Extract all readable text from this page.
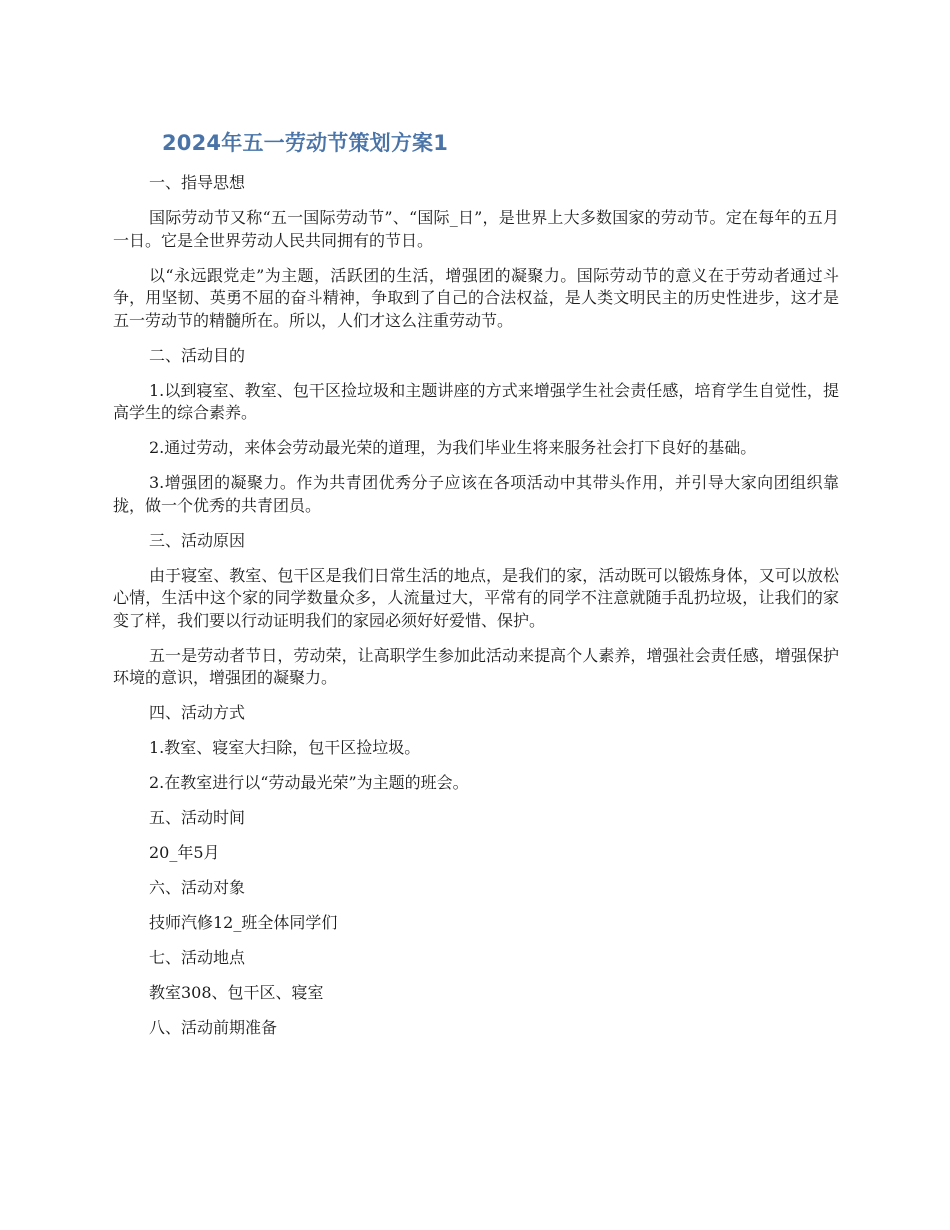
2024年五一劳动节策划方案1

一、指导思想

国际劳动节又称“五一国际劳动节”、“国际_日”，是世界上大多数国家的劳动节。定在每年的五月一日。它是全世界劳动人民共同拥有的节日。

以“永远跟党走”为主题，活跃团的生活，增强团的凝聚力。国际劳动节的意义在于劳动者通过斗争，用坚韧、英勇不屈的奋斗精神，争取到了自己的合法权益，是人类文明民主的历史性进步，这才是五一劳动节的精髓所在。所以，人们才这么注重劳动节。

二、活动目的

1.以到寝室、教室、包干区捡垃圾和主题讲座的方式来增强学生社会责任感，培育学生自觉性，提高学生的综合素养。

2.通过劳动，来体会劳动最光荣的道理，为我们毕业生将来服务社会打下良好的基础。

3.增强团的凝聚力。作为共青团优秀分子应该在各项活动中其带头作用，并引导大家向团组织靠拢，做一个优秀的共青团员。

三、活动原因

由于寝室、教室、包干区是我们日常生活的地点，是我们的家，活动既可以锻炼身体，又可以放松心情，生活中这个家的同学数量众多，人流量过大，平常有的同学不注意就随手乱扔垃圾，让我们的家变了样，我们要以行动证明我们的家园必须好好爱惜、保护。

五一是劳动者节日，劳动荣，让高职学生参加此活动来提高个人素养，增强社会责任感，增强保护环境的意识，增强团的凝聚力。

四、活动方式

1.教室、寝室大扫除，包干区捡垃圾。

2.在教室进行以“劳动最光荣”为主题的班会。

五、活动时间

20_年5月

六、活动对象

技师汽修12_班全体同学们

七、活动地点

教室308、包干区、寝室

八、活动前期准备
